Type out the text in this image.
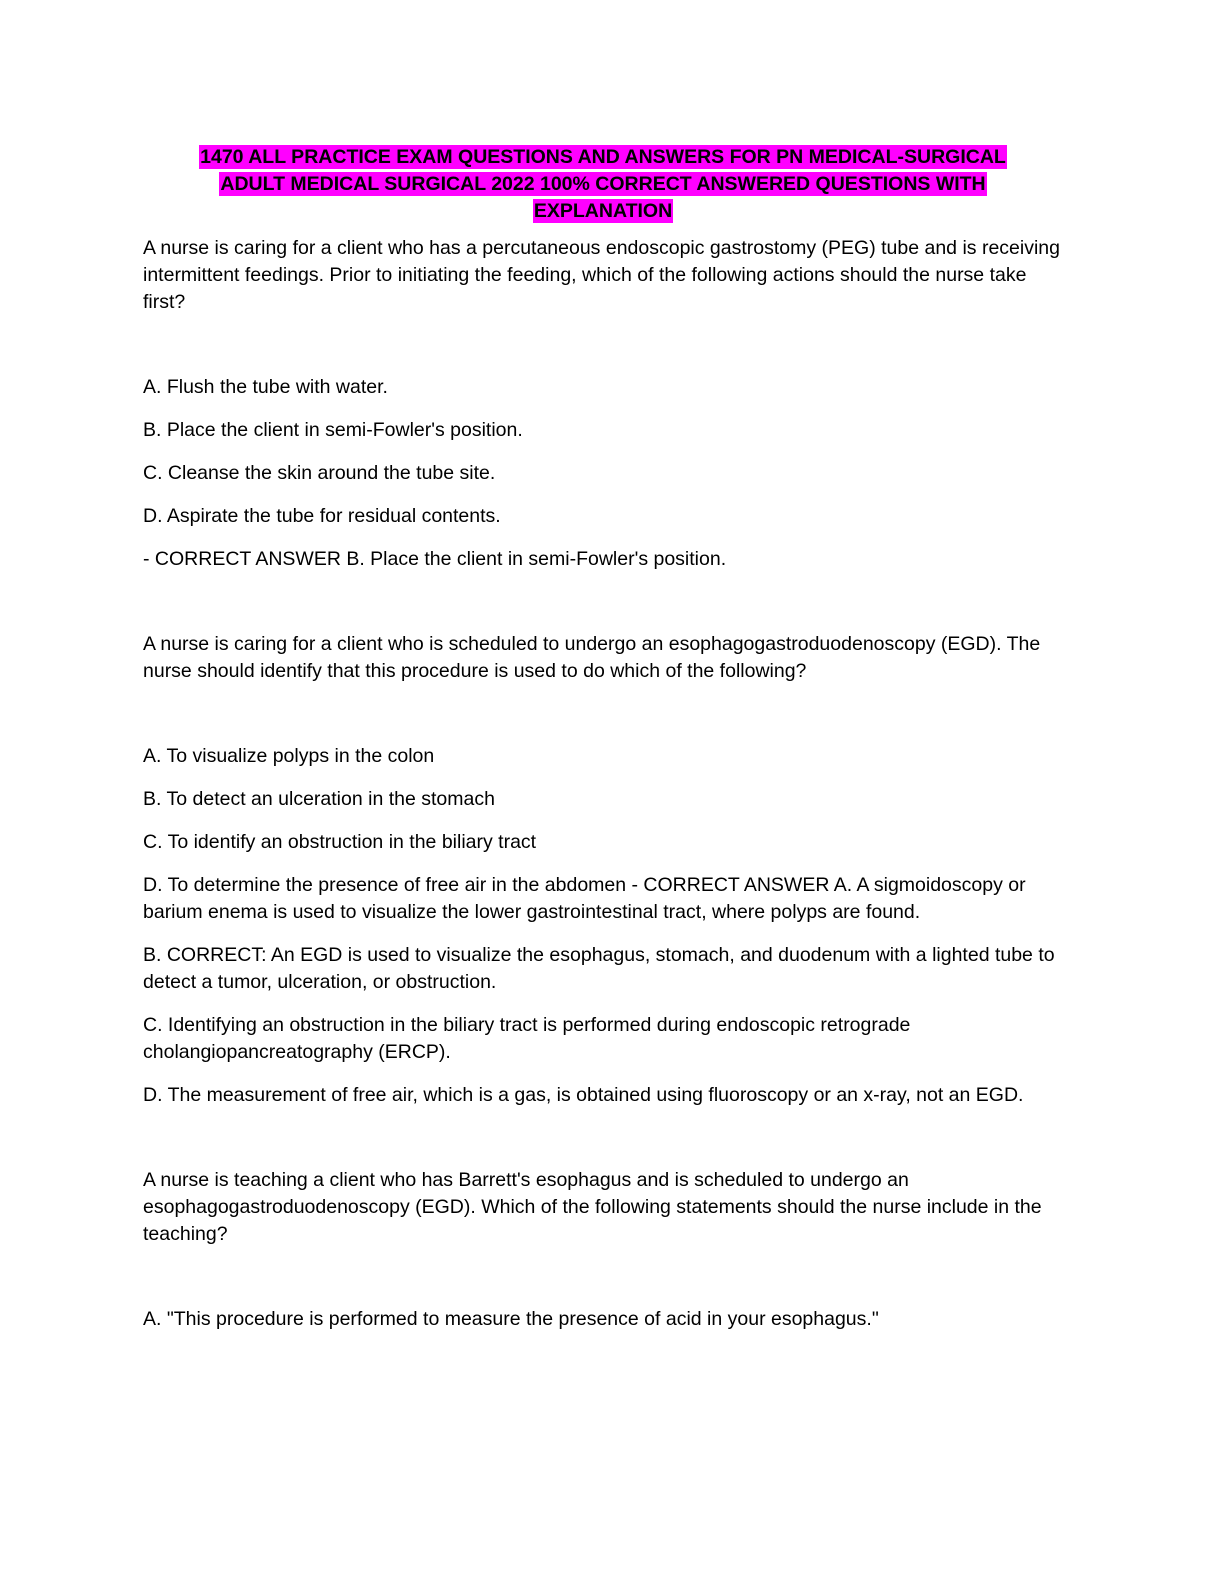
1470 ALL PRACTICE EXAM QUESTIONS AND ANSWERS FOR PN MEDICAL-SURGICAL
ADULT MEDICAL SURGICAL 2022 100% CORRECT ANSWERED QUESTIONS WITH
EXPLANATION
A nurse is caring for a client who has a percutaneous endoscopic gastrostomy (PEG) tube and is receiving intermittent feedings. Prior to initiating the feeding, which of the following actions should the nurse take first?
A. Flush the tube with water.
B. Place the client in semi-Fowler's position.
C. Cleanse the skin around the tube site.
D. Aspirate the tube for residual contents.
- CORRECT ANSWER B. Place the client in semi-Fowler's position.
A nurse is caring for a client who is scheduled to undergo an esophagogastroduodenoscopy (EGD). The nurse should identify that this procedure is used to do which of the following?
A. To visualize polyps in the colon
B. To detect an ulceration in the stomach
C. To identify an obstruction in the biliary tract
D. To determine the presence of free air in the abdomen - CORRECT ANSWER A. A sigmoidoscopy or barium enema is used to visualize the lower gastrointestinal tract, where polyps are found.
B. CORRECT: An EGD is used to visualize the esophagus, stomach, and duodenum with a lighted tube to detect a tumor, ulceration, or obstruction.
C. Identifying an obstruction in the biliary tract is performed during endoscopic retrograde cholangiopancreatography (ERCP).
D. The measurement of free air, which is a gas, is obtained using fluoroscopy or an x-ray, not an EGD.
A nurse is teaching a client who has Barrett's esophagus and is scheduled to undergo an esophagogastroduodenoscopy (EGD). Which of the following statements should the nurse include in the teaching?
A. "This procedure is performed to measure the presence of acid in your esophagus."
